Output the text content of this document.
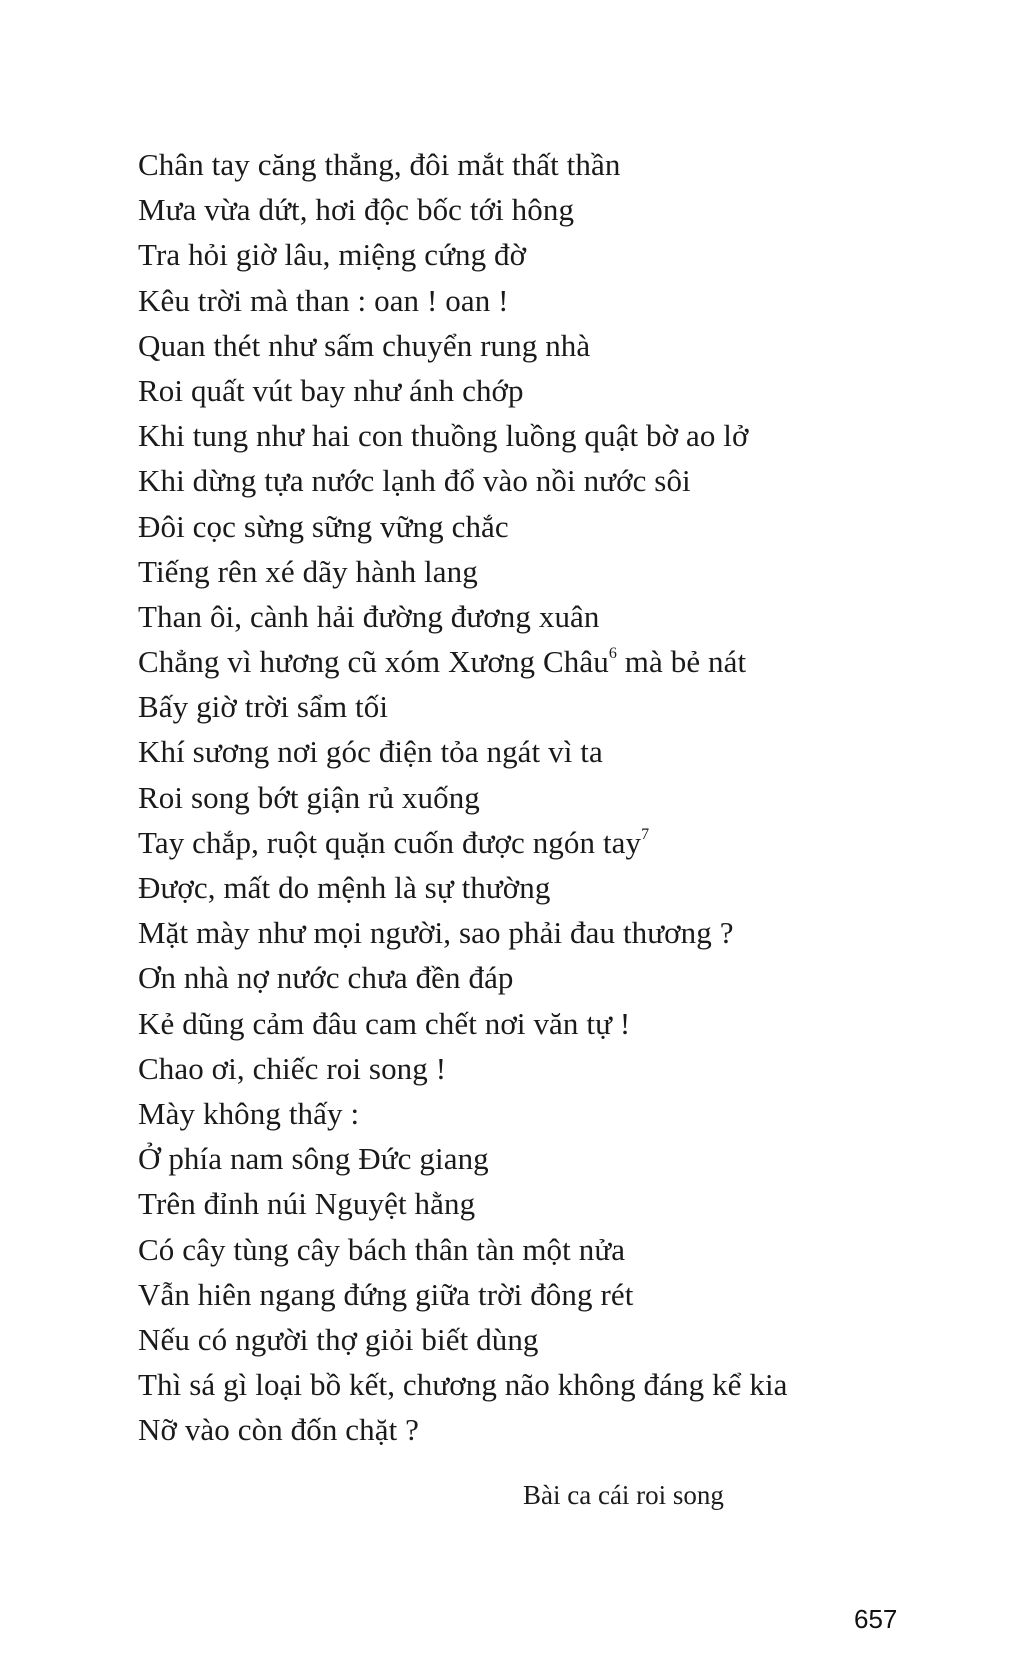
Chân tay căng thẳng, đôi mắt thất thần
Mưa vừa dứt, hơi độc bốc tới hông
Tra hỏi giờ lâu, miệng cứng đờ
Kêu trời mà than : oan ! oan !
Quan thét như sấm chuyển rung nhà
Roi quất vút bay như ánh chớp
Khi tung như hai con thuồng luồng quật bờ ao lở
Khi dừng tựa nước lạnh đổ vào nồi nước sôi
Đôi cọc sừng sững vững chắc
Tiếng rên xé dãy hành lang
Than ôi, cành hải đường đương xuân
Chẳng vì hương cũ xóm Xương Châu$^6$ mà bẻ nát
Bấy giờ trời sẩm tối
Khí sương nơi góc điện tỏa ngát vì ta
Roi song bớt giận rủ xuống
Tay chắp, ruột quặn cuốn được ngón tay$^7$
Được, mất do mệnh là sự thường
Mặt mày như mọi người, sao phải đau thương ?
Ơn nhà nợ nước chưa đền đáp
Kẻ dũng cảm đâu cam chết nơi văn tự !
Chao ơi, chiếc roi song !
Mày không thấy :
Ở phía nam sông Đức giang
Trên đỉnh núi Nguyệt hằng
Có cây tùng cây bách thân tàn một nửa
Vẫn hiên ngang đứng giữa trời đông rét
Nếu có người thợ giỏi biết dùng
Thì sá gì loại bồ kết, chương não không đáng kể kia
Nỡ vào còn đốn chặt ?
Bài ca cái roi song
657
